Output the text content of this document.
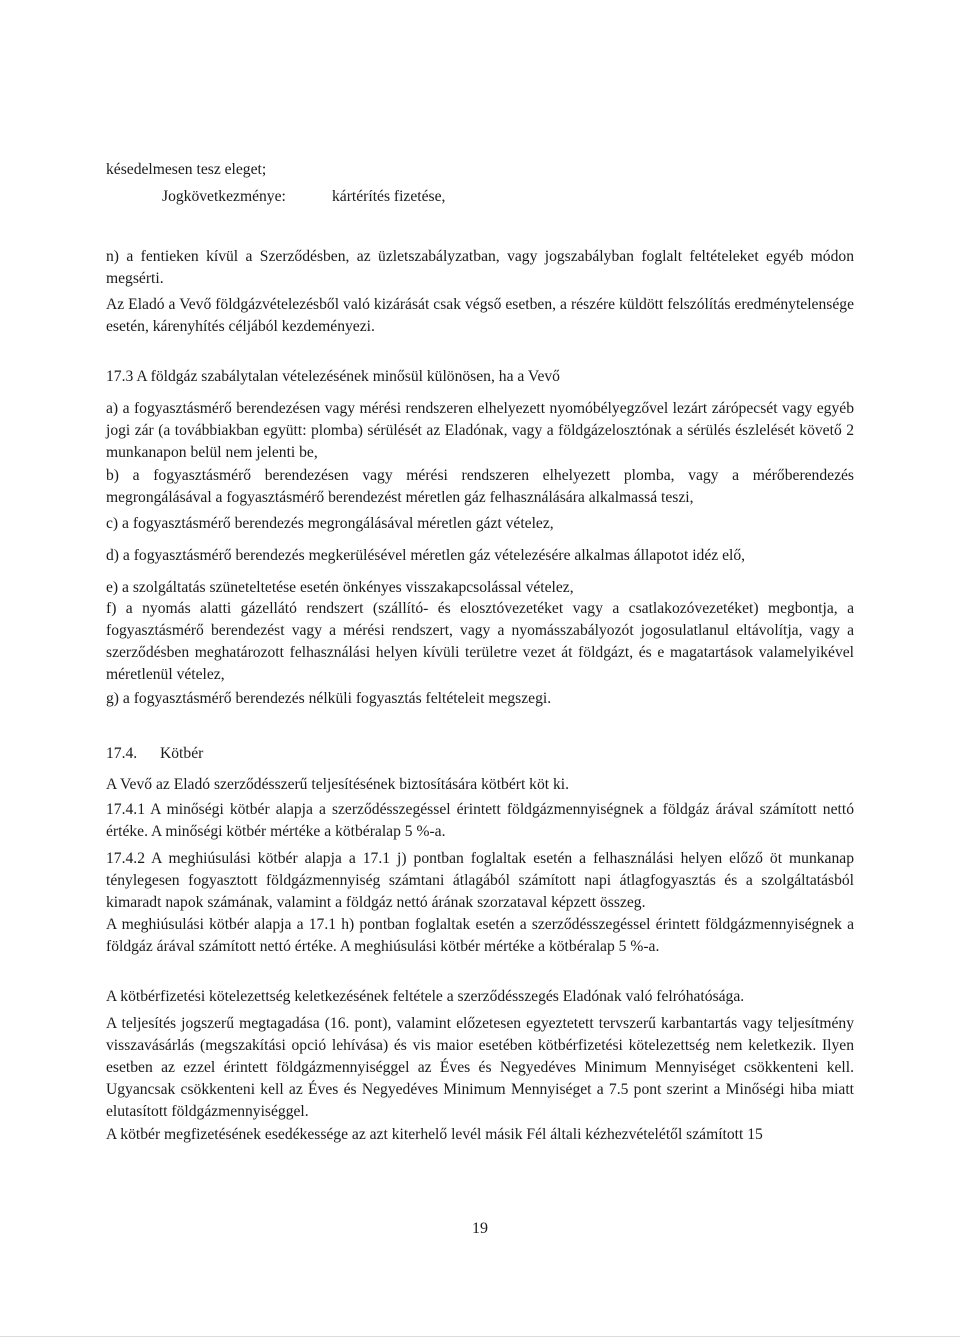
késedelmesen tesz eleget;

Jogkövetkezménye:	kártérítés fizetése,

n) a fentieken kívül a Szerződésben, az üzletszabályzatban, vagy jogszabályban foglalt feltételeket egyéb módon megsérti.

Az Eladó a Vevő földgázvételezésből való kizárását csak végső esetben, a részére küldött felszólítás eredménytelensége esetén, kárenyhítés céljából kezdeményezi.

17.3 A földgáz szabálytalan vételezésének minősül különösen, ha a Vevő

a) a fogyasztásmérő berendezésen vagy mérési rendszeren elhelyezett nyomóbélyegzővel lezárt zárópecsét vagy egyéb jogi zár (a továbbiakban együtt: plomba) sérülését az Eladónak, vagy a földgázelosztónak a sérülés észlelését követő 2 munkanapon belül nem jelenti be,

b) a fogyasztásmérő berendezésen vagy mérési rendszeren elhelyezett plomba, vagy a mérőberendezés megrongálásával a fogyasztásmérő berendezést méretlen gáz felhasználására alkalmassá teszi,

c) a fogyasztásmérő berendezés megrongálásával méretlen gázt vételez,

d) a fogyasztásmérő berendezés megkerülésével méretlen gáz vételezésére alkalmas állapotot idéz elő,

e) a szolgáltatás szüneteltetése esetén önkényes visszakapcsolással vételez,

f) a nyomás alatti gázellátó rendszert (szállító- és elosztóvezetéket vagy a csatlakozóvezetéket) megbontja, a fogyasztásmérő berendezést vagy a mérési rendszert, vagy a nyomásszabályozót jogosulatlanul eltávolítja, vagy a szerződésben meghatározott felhasználási helyen kívüli területre vezet át földgázt, és e magatartások valamelyikével méretlenül vételez,

g) a fogyasztásmérő berendezés nélküli fogyasztás feltételeit megszegi.

17.4. Kötbér

A Vevő az Eladó szerződésszerű teljesítésének biztosítására kötbért köt ki.

17.4.1 A minőségi kötbér alapja a szerződésszegéssel érintett földgázmennyiségnek a földgáz árával számított nettó értéke. A minőségi kötbér mértéke a kötbéralap 5 %-a.

17.4.2 A meghiúsulási kötbér alapja a 17.1 j) pontban foglaltak esetén a felhasználási helyen előző öt munkanap ténylegesen fogyasztott földgázmennyiség számtani átlagából számított napi átlagfogyasztás és a szolgáltatásból kimaradt napok számának, valamint a földgáz nettó árának szorzataval képzett összeg.

A meghiúsulási kötbér alapja a 17.1 h) pontban foglaltak esetén a szerződésszegéssel érintett földgázmennyiségnek a földgáz árával számított nettó értéke. A meghiúsulási kötbér mértéke a kötbéralap 5 %-a.

A kötbérfizetési kötelezettség keletkezésének feltétele a szerződésszegés Eladónak való felróhatósága.

A teljesítés jogszerű megtagadása (16. pont), valamint előzetesen egyeztetett tervszerű karbantartás vagy teljesítmény visszavásárlás (megszakítási opció lehívása) és vis maior esetében kötbérfizetési kötelezettség nem keletkezik. Ilyen esetben az ezzel érintett földgázmennyiséggel az Éves és Negyedéves Minimum Mennyiséget csökkenteni kell. Ugyancsak csökkenteni kell az Éves és Negyedéves Minimum Mennyiséget a 7.5 pont szerint a Minőségi hiba miatt elutasított földgázmennyiséggel.

A kötbér megfizetésének esedékessége az azt kiterhelő levél másik Fél általi kézhezvételétől számított 15

19
